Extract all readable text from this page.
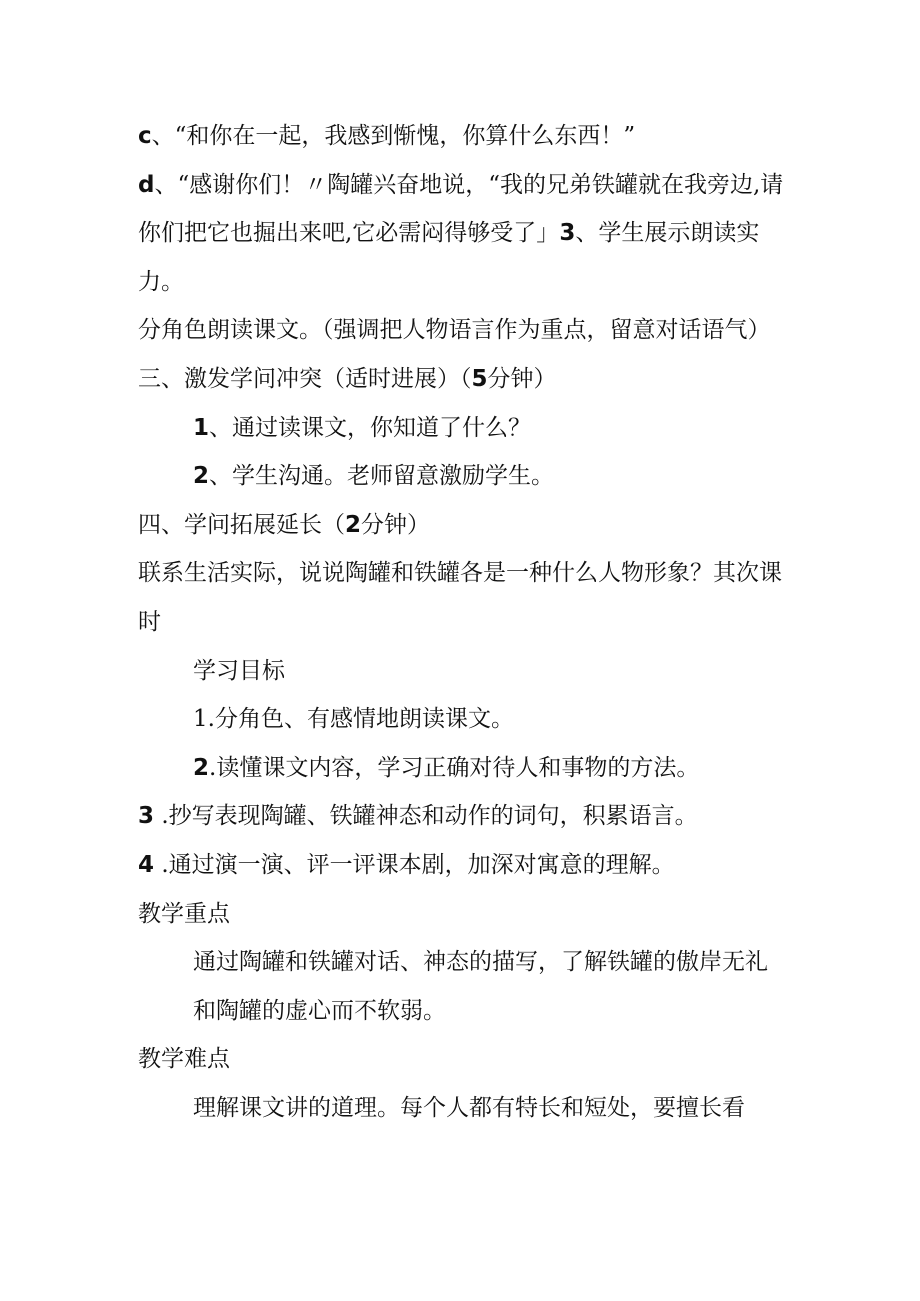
c、“和你在一起，我感到惭愧，你算什么东西！”

d、“感谢你们！〃陶罐兴奋地说，“我的兄弟铁罐就在我旁边,请你们把它也掘出来吧,它必需闷得够受了」3、学生展示朗读实力。

分角色朗读课文。（强调把人物语言作为重点，留意对话语气）

三、激发学问冲突（适时进展）（5分钟）

1、通过读课文，你知道了什么？

2、学生沟通。老师留意激励学生。

四、学问拓展延长（2分钟）

联系生活实际，说说陶罐和铁罐各是一种什么人物形象？其次课时

学习目标

1.分角色、有感情地朗读课文。

2.读懂课文内容，学习正确对待人和事物的方法。

3 .抄写表现陶罐、铁罐神态和动作的词句，积累语言。

4 .通过演一演、评一评课本剧，加深对寓意的理解。

教学重点

通过陶罐和铁罐对话、神态的描写，了解铁罐的傲岸无礼和陶罐的虚心而不软弱。

教学难点

理解课文讲的道理。每个人都有特长和短处，要擅长看
